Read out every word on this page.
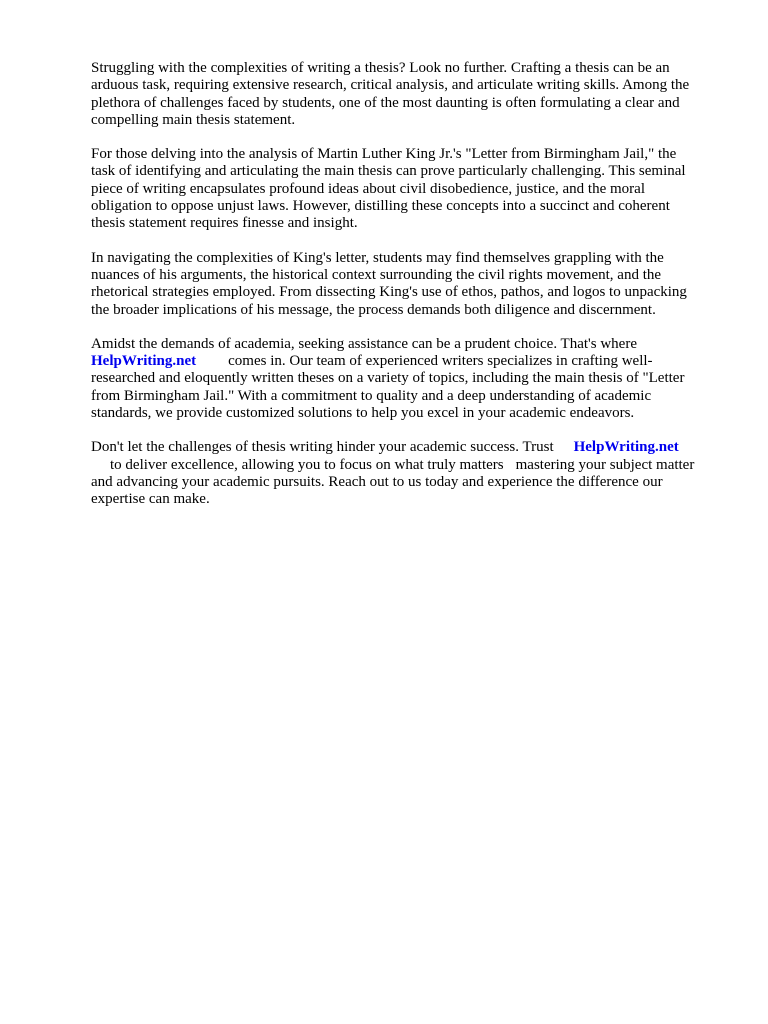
Struggling with the complexities of writing a thesis? Look no further. Crafting a thesis can be an
arduous task, requiring extensive research, critical analysis, and articulate writing skills. Among the
plethora of challenges faced by students, one of the most daunting is often formulating a clear and
compelling main thesis statement.

For those delving into the analysis of Martin Luther King Jr.'s "Letter from Birmingham Jail," the
task of identifying and articulating the main thesis can prove particularly challenging. This seminal
piece of writing encapsulates profound ideas about civil disobedience, justice, and the moral
obligation to oppose unjust laws. However, distilling these concepts into a succinct and coherent
thesis statement requires finesse and insight.

In navigating the complexities of King's letter, students may find themselves grappling with the
nuances of his arguments, the historical context surrounding the civil rights movement, and the
rhetorical strategies employed. From dissecting King's use of ethos, pathos, and logos to unpacking
the broader implications of his message, the process demands both diligence and discernment.

Amidst the demands of academia, seeking assistance can be a prudent choice. That's where
HelpWriting.net comes in. Our team of experienced writers specializes in crafting well-
researched and eloquently written theses on a variety of topics, including the main thesis of "Letter
from Birmingham Jail." With a commitment to quality and a deep understanding of academic
standards, we provide customized solutions to help you excel in your academic endeavors.

Don't let the challenges of thesis writing hinder your academic success. Trust HelpWriting.net
to deliver excellence, allowing you to focus on what truly matters mastering your subject matter
and advancing your academic pursuits. Reach out to us today and experience the difference our
expertise can make.
